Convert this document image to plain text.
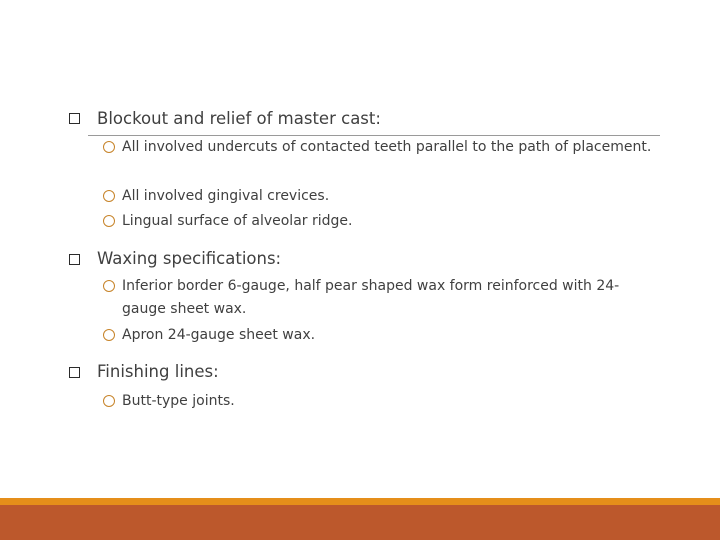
Blockout and relief of master cast:
All involved undercuts of contacted teeth parallel to the path of placement.
All involved gingival crevices.
Lingual surface of alveolar ridge.
Waxing specifications:
Inferior border 6-gauge, half pear shaped wax form reinforced with 24-gauge sheet wax.
Apron 24-gauge sheet wax.
Finishing lines:
Butt-type joints.
